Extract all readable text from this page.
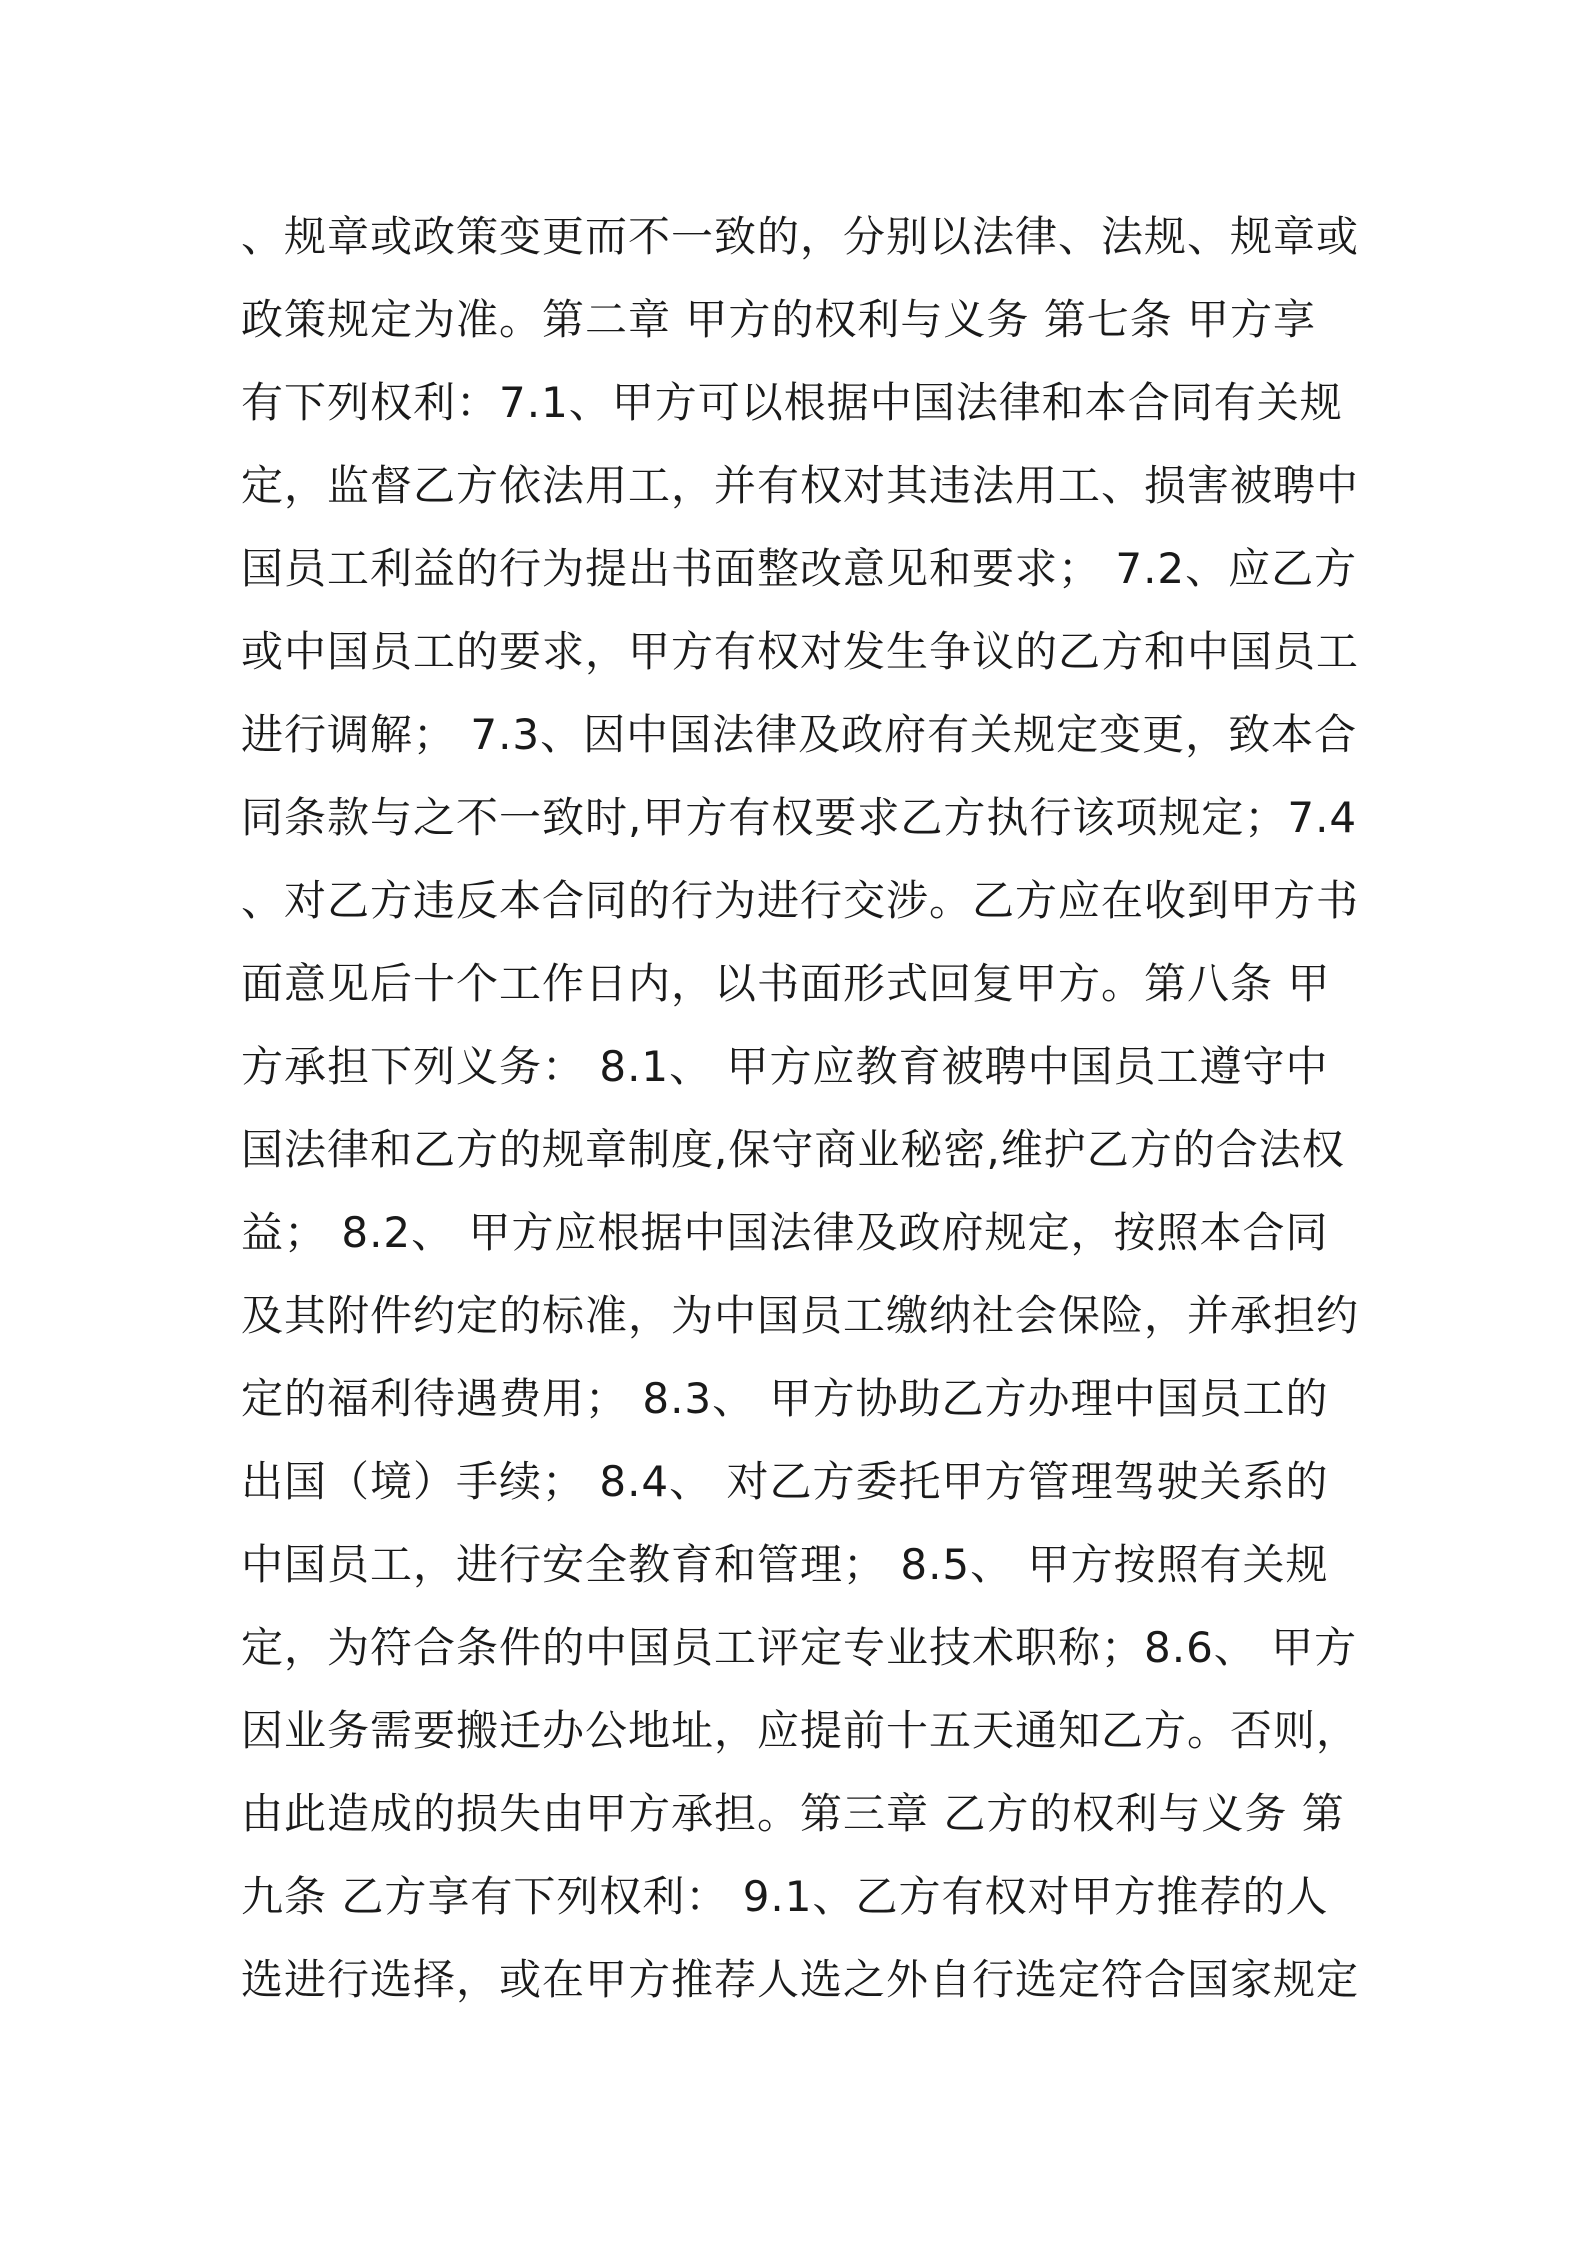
、规章或政策变更而不一致的，分别以法律、法规、规章或
政策规定为准。第二章 甲方的权利与义务 第七条 甲方享
有下列权利：7.1、甲方可以根据中国法律和本合同有关规
定，监督乙方依法用工，并有权对其违法用工、损害被聘中
国员工利益的行为提出书面整改意见和要求； 7.2、应乙方
或中国员工的要求，甲方有权对发生争议的乙方和中国员工
进行调解； 7.3、因中国法律及政府有关规定变更，致本合
同条款与之不一致时,甲方有权要求乙方执行该项规定；7.4
、对乙方违反本合同的行为进行交涉。乙方应在收到甲方书
面意见后十个工作日内，以书面形式回复甲方。第八条 甲
方承担下列义务： 8.1、 甲方应教育被聘中国员工遵守中
国法律和乙方的规章制度,保守商业秘密,维护乙方的合法权
益； 8.2、 甲方应根据中国法律及政府规定，按照本合同
及其附件约定的标准，为中国员工缴纳社会保险，并承担约
定的福利待遇费用； 8.3、 甲方协助乙方办理中国员工的
出国（境）手续； 8.4、 对乙方委托甲方管理驾驶关系的
中国员工，进行安全教育和管理； 8.5、 甲方按照有关规
定，为符合条件的中国员工评定专业技术职称；8.6、 甲方
因业务需要搬迁办公地址，应提前十五天通知乙方。否则，
由此造成的损失由甲方承担。第三章 乙方的权利与义务 第
九条 乙方享有下列权利： 9.1、乙方有权对甲方推荐的人
选进行选择，或在甲方推荐人选之外自行选定符合国家规定
